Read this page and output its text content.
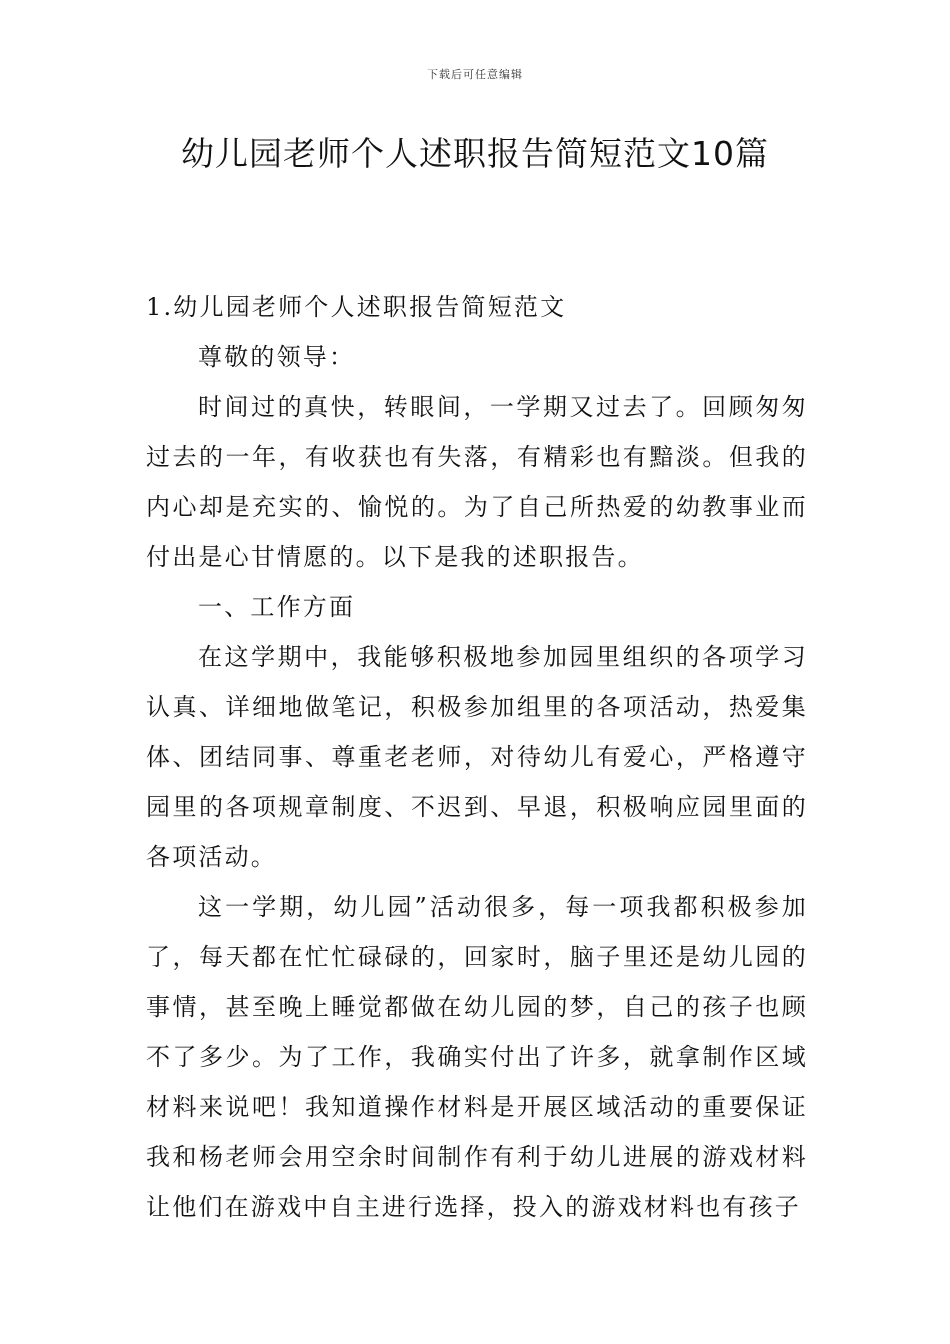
下载后可任意编辑
幼儿园老师个人述职报告简短范文10篇

1.幼儿园老师个人述职报告简短范文

尊敬的领导：

时间过的真快，转眼间，一学期又过去了。回顾匆匆过去的一年，有收获也有失落，有精彩也有黯淡。但我的内心却是充实的、愉悦的。为了自己所热爱的幼教事业而付出是心甘情愿的。以下是我的述职报告。

一、工作方面

在这学期中，我能够积极地参加园里组织的各项学习认真、详细地做笔记，积极参加组里的各项活动，热爱集体、团结同事、尊重老老师，对待幼儿有爱心，严格遵守园里的各项规章制度、不迟到、早退，积极响应园里面的各项活动。

这一学期，幼儿园”活动很多，每一项我都积极参加了，每天都在忙忙碌碌的，回家时，脑子里还是幼儿园的事情，甚至晚上睡觉都做在幼儿园的梦，自己的孩子也顾不了多少。为了工作，我确实付出了许多，就拿制作区域材料来说吧！我知道操作材料是开展区域活动的重要保证我和杨老师会用空余时间制作有利于幼儿进展的游戏材料让他们在游戏中自主进行选择，投入的游戏材料也有孩子
